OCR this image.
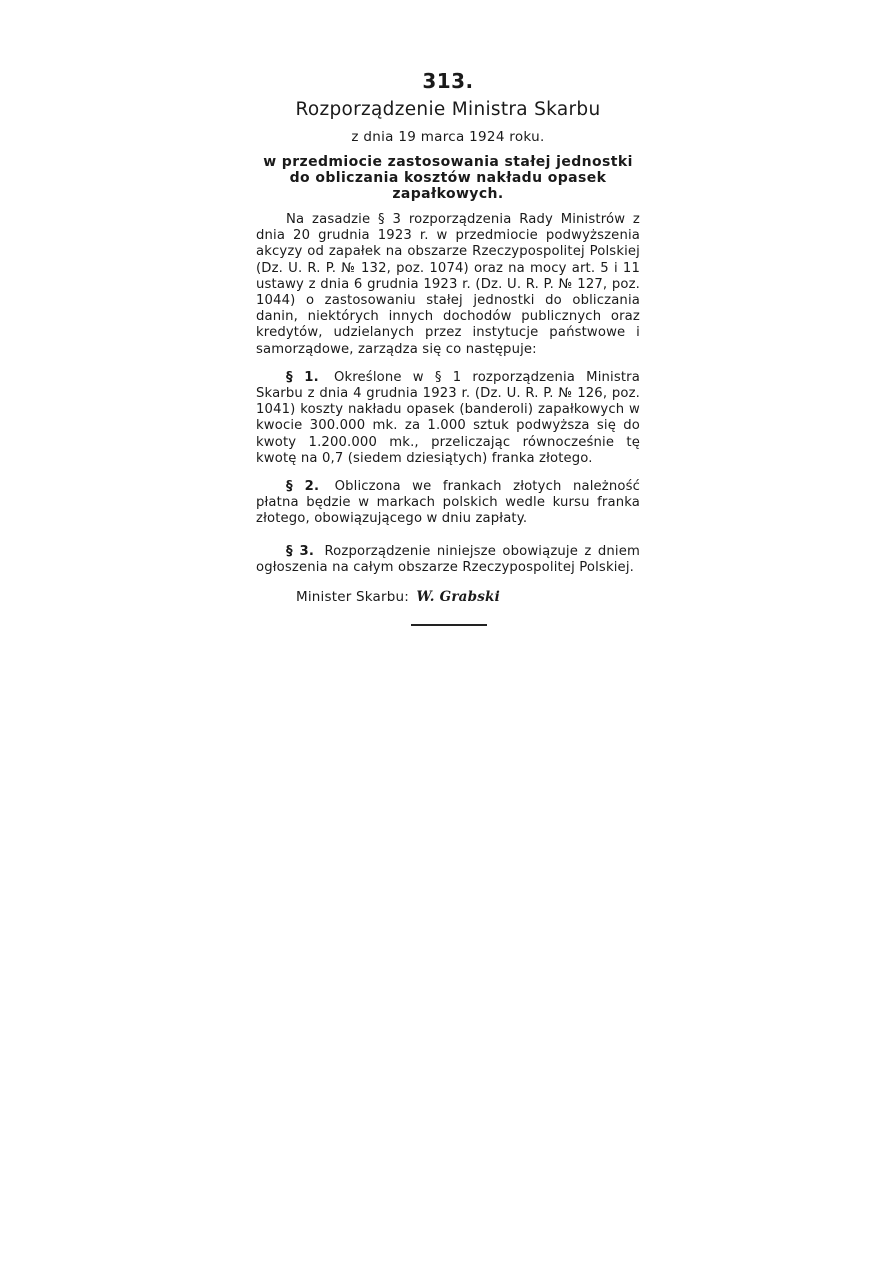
313.
Rozporządzenie Ministra Skarbu
z dnia 19 marca 1924 roku.
w przedmiocie zastosowania stałej jednostki do obliczania kosztów nakładu opasek zapałkowych.

Na zasadzie § 3 rozporządzenia Rady Ministrów z dnia 20 grudnia 1923 r. w przedmiocie podwyższenia akcyzy od zapałek na obszarze Rzeczypospolitej Polskiej (Dz. U. R. P. № 132, poz. 1074) oraz na mocy art. 5 i 11 ustawy z dnia 6 grudnia 1923 r. (Dz. U. R. P. № 127, poz. 1044) o zastosowaniu stałej jednostki do obliczania danin, niektórych innych dochodów publicznych oraz kredytów, udzielanych przez instytucje państwowe i samorządowe, zarządza się co następuje:

§ 1. Określone w § 1 rozporządzenia Ministra Skarbu z dnia 4 grudnia 1923 r. (Dz. U. R. P. № 126, poz. 1041) koszty nakładu opasek (banderoli) zapałkowych w kwocie 300.000 mk. za 1.000 sztuk podwyższa się do kwoty 1.200.000 mk., przeliczając równocześnie tę kwotę na 0,7 (siedem dziesiątych) franka złotego.

§ 2. Obliczona we frankach złotych należność płatna będzie w markach polskich wedle kursu franka złotego, obowiązującego w dniu zapłaty.

§ 3. Rozporządzenie niniejsze obowiązuje z dniem ogłoszenia na całym obszarze Rzeczypospolitej Polskiej.

Minister Skarbu: W. Grabski
